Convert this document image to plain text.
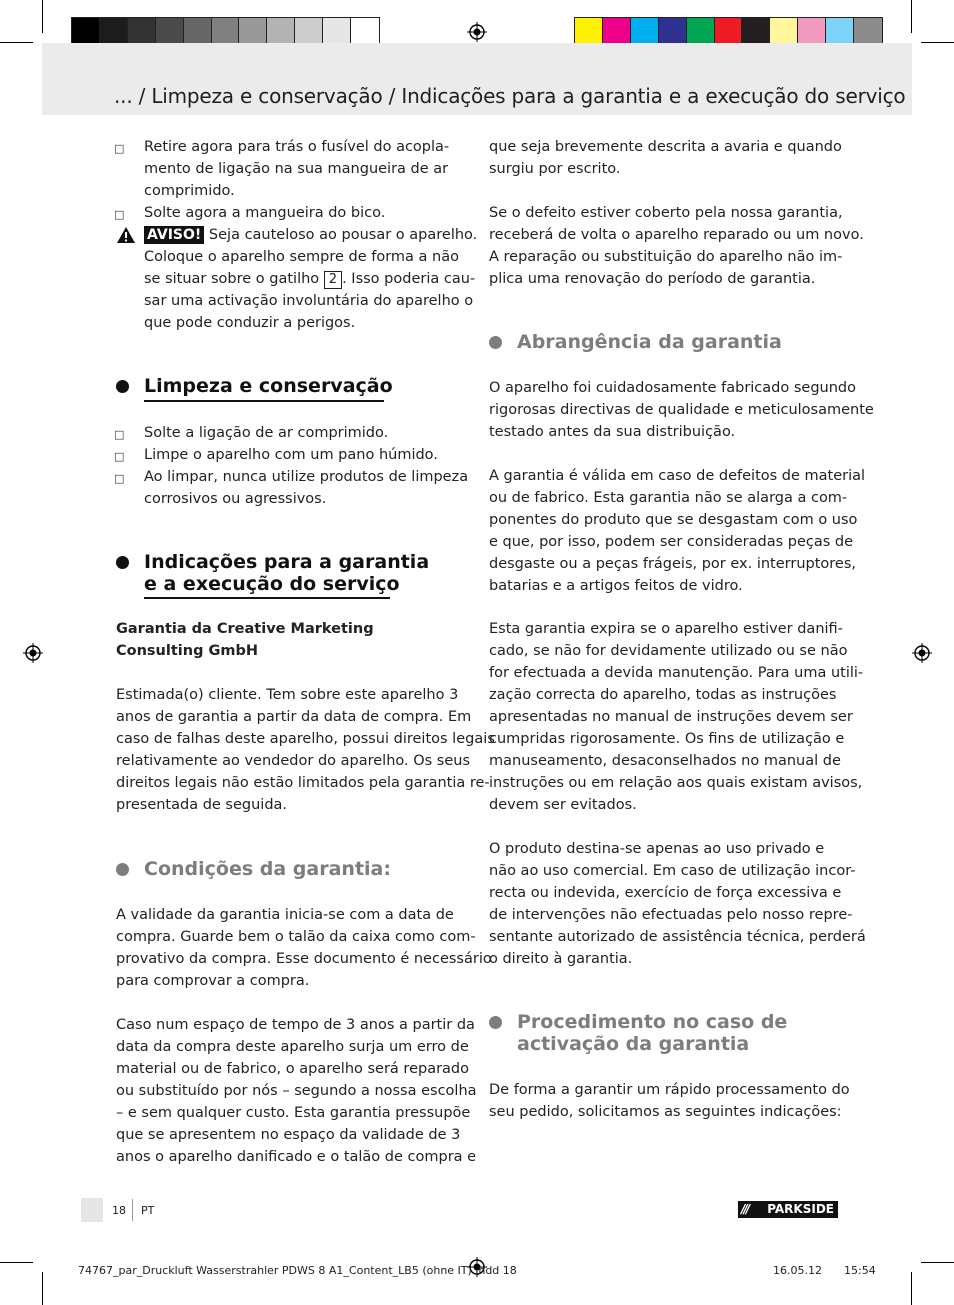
... / Limpeza e conservação / Indicações para a garantia e a execução do serviço
□ Retire agora para trás o fusível do acopla-
mento de ligação na sua mangueira de ar
comprimido.
□ Solte agora a mangueira do bico.
AVISO! Seja cauteloso ao pousar o aparelho.
Coloque o aparelho sempre de forma a não
se situar sobre o gatilho 2 . Isso poderia cau-
sar uma activação involuntária do aparelho o
que pode conduzir a perigos.
Limpeza e conservação
□ Solte a ligação de ar comprimido.
□ Limpe o aparelho com um pano húmido.
□ Ao limpar, nunca utilize produtos de limpeza
corrosivos ou agressivos.
Indicações para a garantia
e a execução do serviço
Garantia da Creative Marketing
Consulting GmbH
Estimada(o) cliente. Tem sobre este aparelho 3
anos de garantia a partir da data de compra. Em
caso de falhas deste aparelho, possui direitos legais
relativamente ao vendedor do aparelho. Os seus
direitos legais não estão limitados pela garantia re-
presentada de seguida.
Condições da garantia:
A validade da garantia inicia-se com a data de
compra. Guarde bem o talão da caixa como com-
provativo da compra. Esse documento é necessário
para comprovar a compra.
Caso num espaço de tempo de 3 anos a partir da
data da compra deste aparelho surja um erro de
material ou de fabrico, o aparelho será reparado
ou substituído por nós – segundo a nossa escolha
– e sem qualquer custo. Esta garantia pressupõe
que se apresentem no espaço da validade de 3
anos o aparelho danificado e o talão de compra e
que seja brevemente descrita a avaria e quando
surgiu por escrito.
Se o defeito estiver coberto pela nossa garantia,
receberá de volta o aparelho reparado ou um novo.
A reparação ou substituição do aparelho não im-
plica uma renovação do período de garantia.
Abrangência da garantia
O aparelho foi cuidadosamente fabricado segundo
rigorosas directivas de qualidade e meticulosamente
testado antes da sua distribuição.
A garantia é válida em caso de defeitos de material
ou de fabrico. Esta garantia não se alarga a com-
ponentes do produto que se desgastam com o uso
e que, por isso, podem ser consideradas peças de
desgaste ou a peças frágeis, por ex. interruptores,
batarias e a artigos feitos de vidro.
Esta garantia expira se o aparelho estiver danifi-
cado, se não for devidamente utilizado ou se não
for efectuada a devida manutenção. Para uma utili-
zação correcta do aparelho, todas as instruções
apresentadas no manual de instruções devem ser
cumpridas rigorosamente. Os fins de utilização e
manuseamento, desaconselhados no manual de
instruções ou em relação aos quais existam avisos,
devem ser evitados.
O produto destina-se apenas ao uso privado e
não ao uso comercial. Em caso de utilização incor-
recta ou indevida, exercício de força excessiva e
de intervenções não efectuadas pelo nosso repre-
sentante autorizado de assistência técnica, perderá
o direito à garantia.
Procedimento no caso de
activação da garantia
De forma a garantir um rápido processamento do
seu pedido, solicitamos as seguintes indicações:
18 PT	/// PARKSIDE
74767_par_Druckluft Wasserstrahler PDWS 8 A1_Content_LB5 (ohne IT).indd 18	16.05.12 15:54
